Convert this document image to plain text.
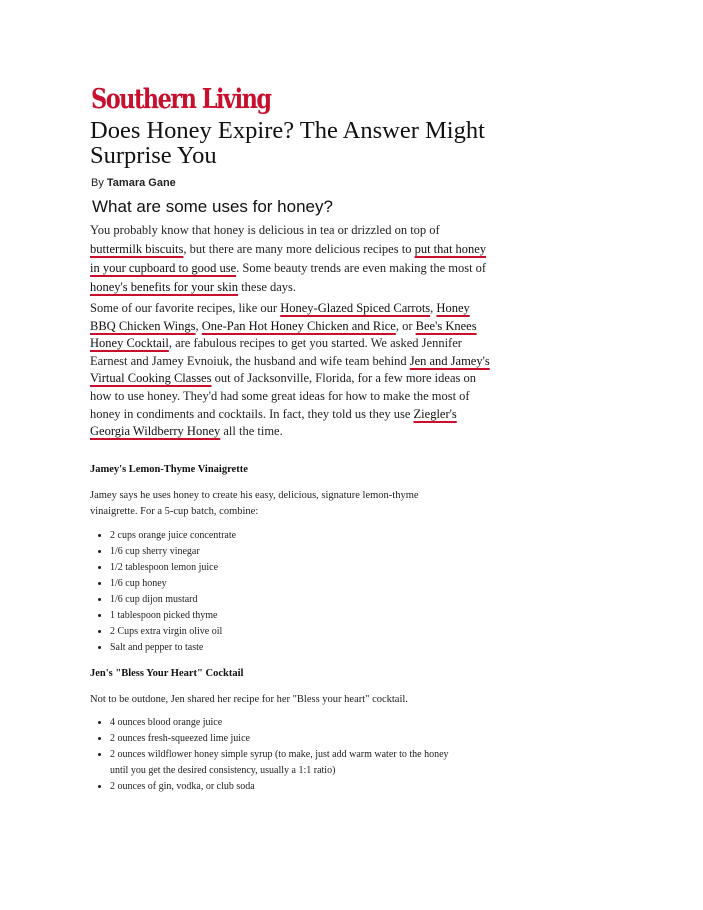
Southern Living
Does Honey Expire? The Answer Might Surprise You
By Tamara Gane
What are some uses for honey?

You probably know that honey is delicious in tea or drizzled on top of buttermilk biscuits, but there are many more delicious recipes to put that honey in your cupboard to good use. Some beauty trends are even making the most of honey's benefits for your skin these days.

Some of our favorite recipes, like our Honey-Glazed Spiced Carrots, Honey BBQ Chicken Wings, One-Pan Hot Honey Chicken and Rice, or Bee's Knees Honey Cocktail, are fabulous recipes to get you started. We asked Jennifer Earnest and Jamey Evnoiuk, the husband and wife team behind Jen and Jamey's Virtual Cooking Classes out of Jacksonville, Florida, for a few more ideas on how to use honey. They'd had some great ideas for how to make the most of honey in condiments and cocktails. In fact, they told us they use Ziegler's Georgia Wildberry Honey all the time.

Jamey's Lemon-Thyme Vinaigrette

Jamey says he uses honey to create his easy, delicious, signature lemon-thyme vinaigrette. For a 5-cup batch, combine:

• 2 cups orange juice concentrate
• 1/6 cup sherry vinegar
• 1/2 tablespoon lemon juice
• 1/6 cup honey
• 1/6 cup dijon mustard
• 1 tablespoon picked thyme
• 2 Cups extra virgin olive oil
• Salt and pepper to taste
Jen's "Bless Your Heart" Cocktail

Not to be outdone, Jen shared her recipe for her "Bless your heart" cocktail.

• 4 ounces blood orange juice
• 2 ounces fresh-squeezed lime juice
• 2 ounces wildflower honey simple syrup (to make, just add warm water to the honey until you get the desired consistency, usually a 1:1 ratio)
• 2 ounces of gin, vodka, or club soda
